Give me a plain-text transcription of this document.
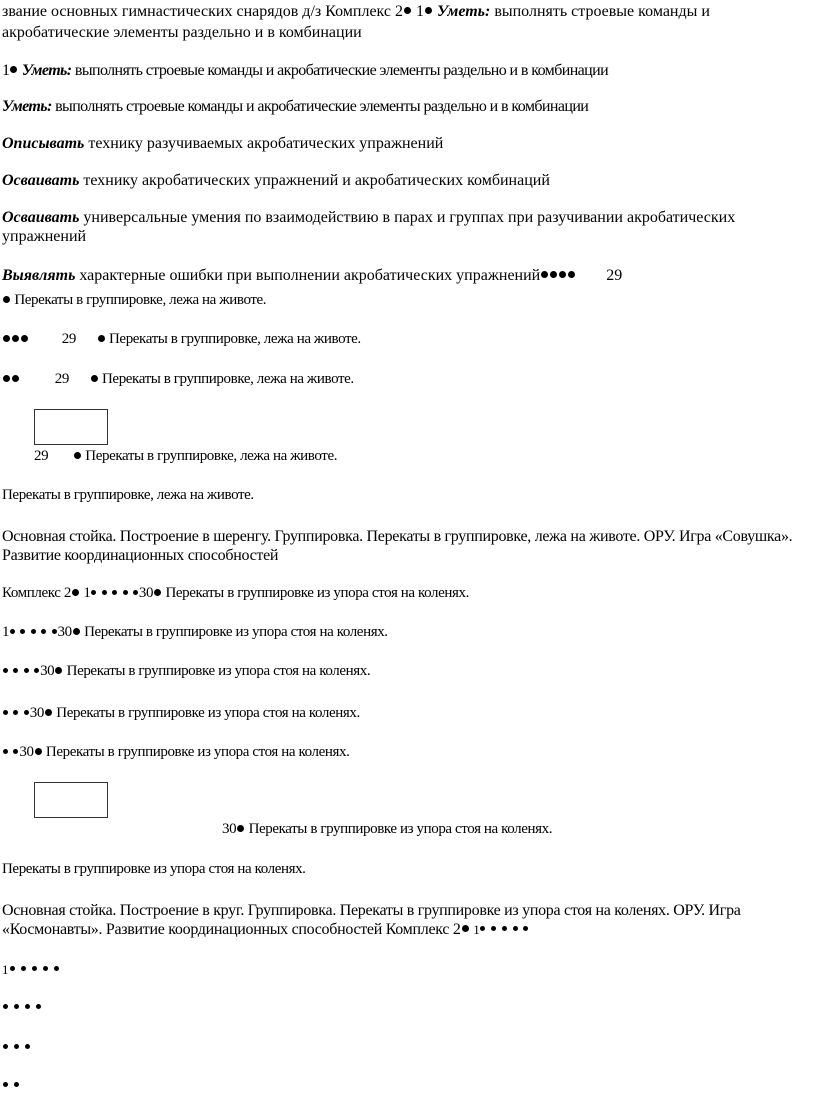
звание основных гимнастических снарядов д/з Комплекс 2 1 Уметь: выполнять строевые команды и
акробатические элементы раздельно и в комбинации
1 Уметь: выполнять строевые команды и акробатические элементы раздельно и в комбинации
Уметь: выполнять строевые команды и акробатические элементы раздельно и в комбинации
Описывать технику разучиваемых акробатических упражнений
Осваивать технику акробатических упражнений и акробатических комбинаций
Осваивать универсальные умения по взаимодействию в парах и группах при разучивании акробатических упражнений
Выявлять характерные ошибки при выполнении акробатических упражнений	29
Перекаты в группировке, лежа на животе.
29 Перекаты в группировке, лежа на животе.
29 Перекаты в группировке, лежа на животе.
29 Перекаты в группировке, лежа на животе.
Перекаты в группировке, лежа на животе.
Основная стойка. Построение в шеренгу. Группировка. Перекаты в группировке, лежа на животе. ОРУ. Игра «Совушка». Развитие координационных способностей
Комплекс 2 1	30 Перекаты в группировке из упора стоя на коленях.
1	30 Перекаты в группировке из упора стоя на коленях.
30 Перекаты в группировке из упора стоя на коленях.
30 Перекаты в группировке из упора стоя на коленях.
30 Перекаты в группировке из упора стоя на коленях.
30 Перекаты в группировке из упора стоя на коленях.
Перекаты в группировке из упора стоя на коленях.
Основная стойка. Построение в круг. Группировка. Перекаты в группировке из упора стоя на коленях. ОРУ. Игра «Космонавты». Развитие координационных способностей Комплекс 2 1
1
